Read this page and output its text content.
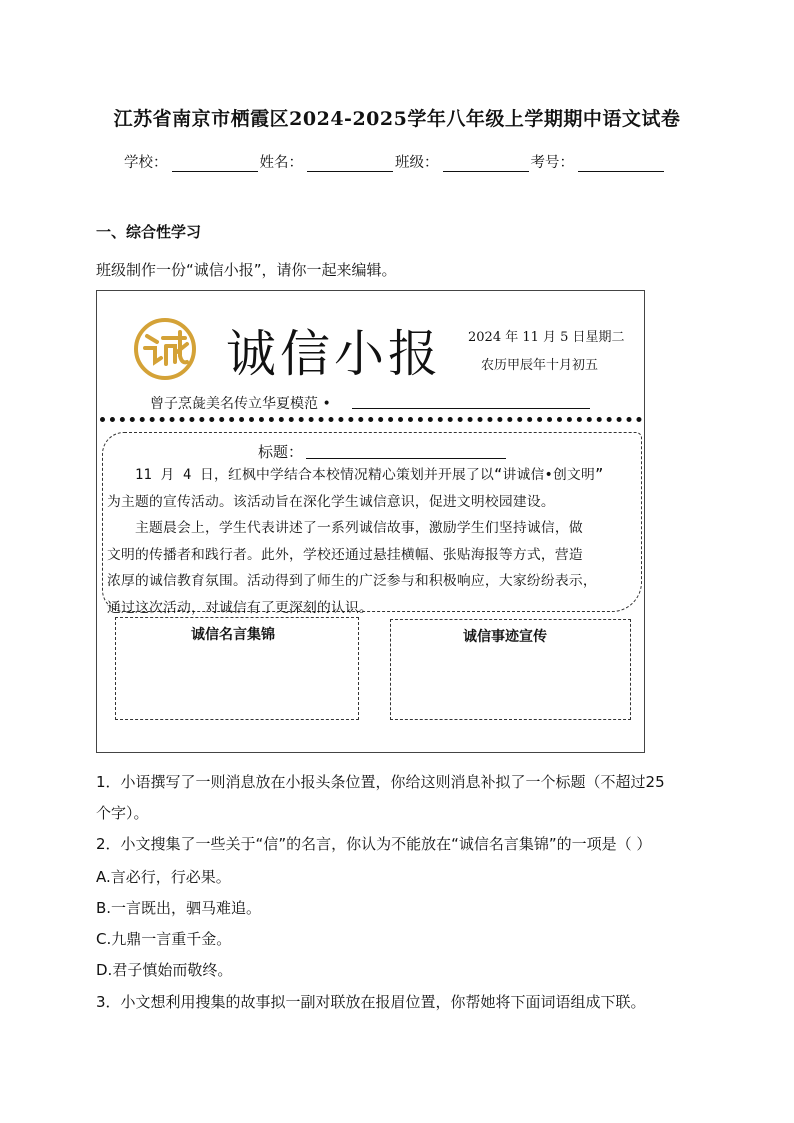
江苏省南京市栖霞区2024-2025学年八年级上学期期中语文试卷
学校：	姓名：	班级：	考号：
一、综合性学习
班级制作一份“诚信小报”，请你一起来编辑。
诚信小报 2024 年 11 月 5 日星期二
农历甲辰年十月初五
曾子烹彘美名传立华夏模范 •
标题：
　　11 月 4 日，红枫中学结合本校情况精心策划并开展了以“讲诚信•创文明”
为主题的宣传活动。该活动旨在深化学生诚信意识，促进文明校园建设。
　　主题晨会上，学生代表讲述了一系列诚信故事，激励学生们坚持诚信，做
文明的传播者和践行者。此外，学校还通过悬挂横幅、张贴海报等方式，营造
浓厚的诚信教育氛围。活动得到了师生的广泛参与和积极响应，大家纷纷表示，
通过这次活动，对诚信有了更深刻的认识。
诚信名言集锦	诚信事迹宣传
1．小语撰写了一则消息放在小报头条位置，你给这则消息补拟了一个标题（不超过25
个字）。
2．小文搜集了一些关于“信”的名言，你认为不能放在“诚信名言集锦”的一项是（ ）
A.言必行，行必果。
B.一言既出，驷马难追。
C.九鼎一言重千金。
D.君子慎始而敬终。
3．小文想利用搜集的故事拟一副对联放在报眉位置，你帮她将下面词语组成下联。
